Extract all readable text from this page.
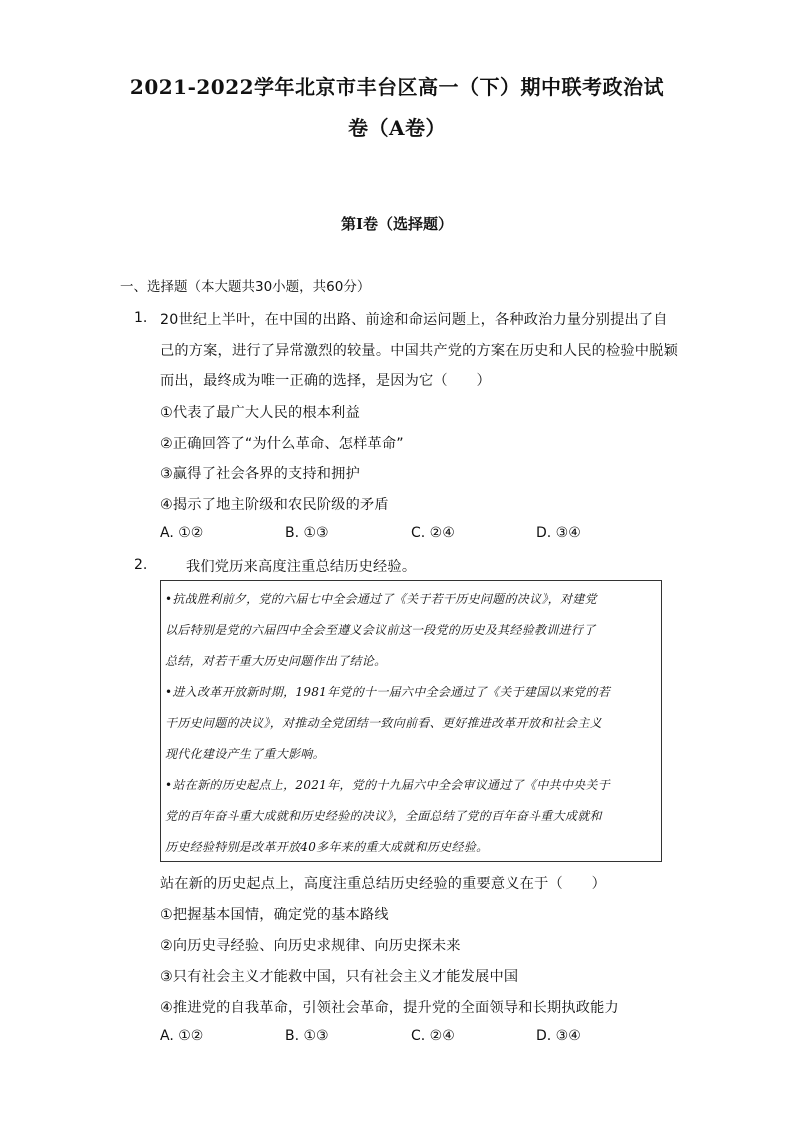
2021-2022学年北京市丰台区高一（下）期中联考政治试
卷（A卷）
第I卷（选择题）
一、选择题（本大题共30小题，共60分）
1. 20世纪上半叶，在中国的出路、前途和命运问题上，各种政治力量分别提出了自
己的方案，进行了异常激烈的较量。中国共产党的方案在历史和人民的检验中脱颖
而出，最终成为唯一正确的选择，是因为它（　　）
①代表了最广大人民的根本利益
②正确回答了“为什么革命、怎样革命”
③赢得了社会各界的支持和拥护
④揭示了地主阶级和农民阶级的矛盾
A. ①②	B. ①③	C. ②④	D. ③④
2.	我们党历来高度注重总结历史经验。
•抗战胜利前夕，党的六届七中全会通过了《关于若干历史问题的决议》，对建党
以后特别是党的六届四中全会至遵义会议前这一段党的历史及其经验教训进行了
总结，对若干重大历史问题作出了结论。
•进入改革开放新时期，1981年党的十一届六中全会通过了《关于建国以来党的若
干历史问题的决议》，对推动全党团结一致向前看、更好推进改革开放和社会主义
现代化建设产生了重大影响。
•站在新的历史起点上，2021年，党的十九届六中全会审议通过了《中共中央关于
党的百年奋斗重大成就和历史经验的决议》，全面总结了党的百年奋斗重大成就和
历史经验特别是改革开放40多年来的重大成就和历史经验。
站在新的历史起点上，高度注重总结历史经验的重要意义在于（　　）
①把握基本国情，确定党的基本路线
②向历史寻经验、向历史求规律、向历史探未来
③只有社会主义才能救中国，只有社会主义才能发展中国
④推进党的自我革命，引领社会革命，提升党的全面领导和长期执政能力
A. ①②	B. ①③	C. ②④	D. ③④
